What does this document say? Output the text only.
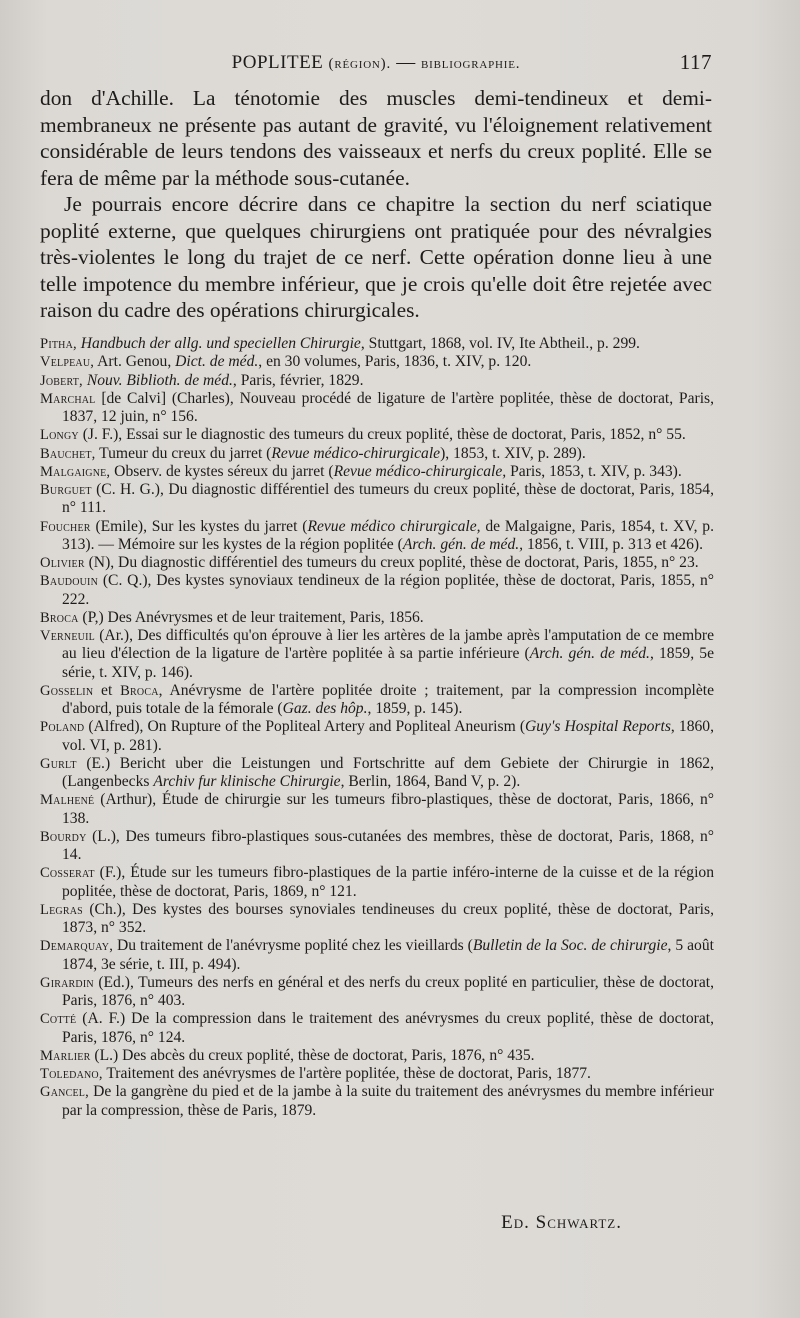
POPLITEE (région). — bibliographie.	117

don d'Achille. La ténotomie des muscles demi-tendineux et demi-membraneux ne présente pas autant de gravité, vu l'éloignement relativement considérable de leurs tendons des vaisseaux et nerfs du creux poplité. Elle se fera de même par la méthode sous-cutanée.

Je pourrais encore décrire dans ce chapitre la section du nerf sciatique poplité externe, que quelques chirurgiens ont pratiquée pour des névralgies très-violentes le long du trajet de ce nerf. Cette opération donne lieu à une telle impotence du membre inférieur, que je crois qu'elle doit être rejetée avec raison du cadre des opérations chirurgicales.

Pitha, Handbuch der allg. und speciellen Chirurgie, Stuttgart, 1868, vol. IV, Ite Abtheil., p. 299.

Velpeau, Art. Genou, Dict. de méd., en 30 volumes, Paris, 1836, t. XIV, p. 120.

Jobert, Nouv. Biblioth. de méd., Paris, février, 1829.

Marchal [de Calvi] (Charles), Nouveau procédé de ligature de l'artère poplitée, thèse de doctorat, Paris, 1837, 12 juin, n° 156.

Longy (J. F.), Essai sur le diagnostic des tumeurs du creux poplité, thèse de doctorat, Paris, 1852, n° 55.

Bauchet, Tumeur du creux du jarret (Revue médico-chirurgicale), 1853, t. XIV, p. 289).

Malgaigne, Observ. de kystes séreux du jarret (Revue médico-chirurgicale, Paris, 1853, t. XIV, p. 343).

Burguet (C. H. G.), Du diagnostic différentiel des tumeurs du creux poplité, thèse de doctorat, Paris, 1854, n° 111.

Foucher (Emile), Sur les kystes du jarret (Revue médico chirurgicale, de Malgaigne, Paris, 1854, t. XV, p. 313). — Mémoire sur les kystes de la région poplitée (Arch. gén. de méd., 1856, t. VIII, p. 313 et 426).

Olivier (N), Du diagnostic différentiel des tumeurs du creux poplité, thèse de doctorat, Paris, 1855, n° 23.

Baudouin (C. Q.), Des kystes synoviaux tendineux de la région poplitée, thèse de doctorat, Paris, 1855, n° 222.

Broca (P,) Des Anévrysmes et de leur traitement, Paris, 1856.

Verneuil (Ar.), Des difficultés qu'on éprouve à lier les artères de la jambe après l'amputation de ce membre au lieu d'élection de la ligature de l'artère poplitée à sa partie inférieure (Arch. gén. de méd., 1859, 5e série, t. XIV, p. 146).

Gosselin et Broca, Anévrysme de l'artère poplitée droite ; traitement, par la compression incomplète d'abord, puis totale de la fémorale (Gaz. des hôp., 1859, p. 145).

Poland (Alfred), On Rupture of the Popliteal Artery and Popliteal Aneurism (Guy's Hospital Reports, 1860, vol. VI, p. 281).

Gurlt (E.) Bericht uber die Leistungen und Fortschritte auf dem Gebiete der Chirurgie in 1862, (Langenbecks Archiv fur klinische Chirurgie, Berlin, 1864, Band V, p. 2).

Malhené (Arthur), Étude de chirurgie sur les tumeurs fibro-plastiques, thèse de doctorat, Paris, 1866, n° 138.

Bourdy (L.), Des tumeurs fibro-plastiques sous-cutanées des membres, thèse de doctorat, Paris, 1868, n° 14.

Cosserat (F.), Étude sur les tumeurs fibro-plastiques de la partie inféro-interne de la cuisse et de la région poplitée, thèse de doctorat, Paris, 1869, n° 121.

Legras (Ch.), Des kystes des bourses synoviales tendineuses du creux poplité, thèse de doctorat, Paris, 1873, n° 352.

Demarquay, Du traitement de l'anévrysme poplité chez les vieillards (Bulletin de la Soc. de chirurgie, 5 août 1874, 3e série, t. III, p. 494).

Girardin (Ed.), Tumeurs des nerfs en général et des nerfs du creux poplité en particulier, thèse de doctorat, Paris, 1876, n° 403.

Cotté (A. F.) De la compression dans le traitement des anévrysmes du creux poplité, thèse de doctorat, Paris, 1876, n° 124.

Marlier (L.) Des abcès du creux poplité, thèse de doctorat, Paris, 1876, n° 435.

Toledano, Traitement des anévrysmes de l'artère poplitée, thèse de doctorat, Paris, 1877.

Gancel, De la gangrène du pied et de la jambe à la suite du traitement des anévrysmes du membre inférieur par la compression, thèse de Paris, 1879.

Ed. Schwartz.
